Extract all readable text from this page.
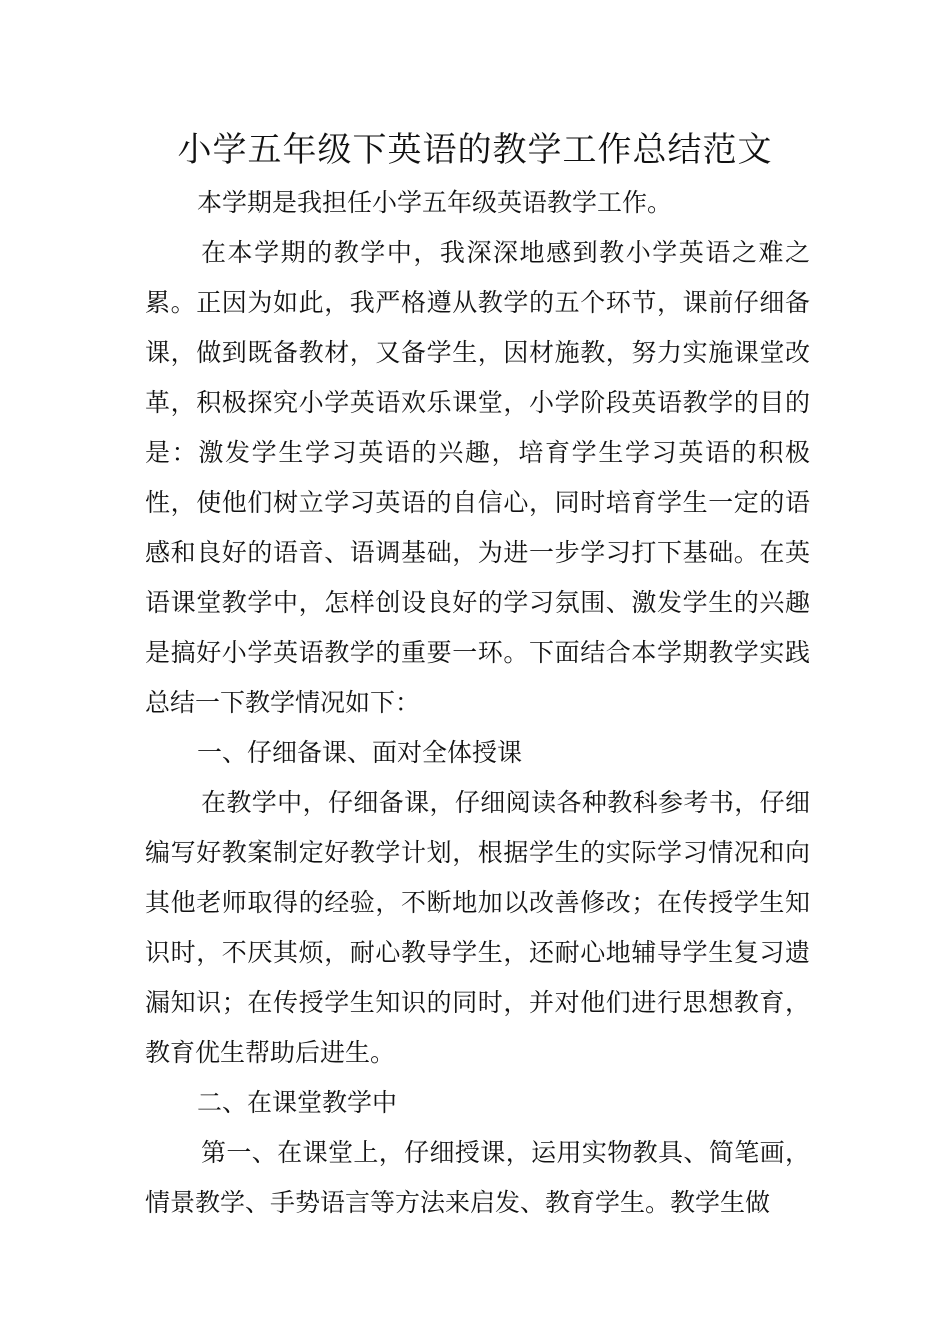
小学五年级下英语的教学工作总结范文

本学期是我担任小学五年级英语教学工作。

在本学期的教学中，我深深地感到教小学英语之难之累。正因为如此，我严格遵从教学的五个环节，课前仔细备课，做到既备教材，又备学生，因材施教，努力实施课堂改革，积极探究小学英语欢乐课堂，小学阶段英语教学的目的是：激发学生学习英语的兴趣，培育学生学习英语的积极性，使他们树立学习英语的自信心，同时培育学生一定的语感和良好的语音、语调基础，为进一步学习打下基础。在英语课堂教学中，怎样创设良好的学习氛围、激发学生的兴趣是搞好小学英语教学的重要一环。下面结合本学期教学实践总结一下教学情况如下：

一、仔细备课、面对全体授课

在教学中，仔细备课，仔细阅读各种教科参考书，仔细编写好教案制定好教学计划，根据学生的实际学习情况和向其他老师取得的经验，不断地加以改善修改；在传授学生知识时，不厌其烦，耐心教导学生，还耐心地辅导学生复习遗漏知识；在传授学生知识的同时，并对他们进行思想教育，教育优生帮助后进生。

二、在课堂教学中

第一、在课堂上，仔细授课，运用实物教具、简笔画，情景教学、手势语言等方法来启发、教育学生。教学生做
